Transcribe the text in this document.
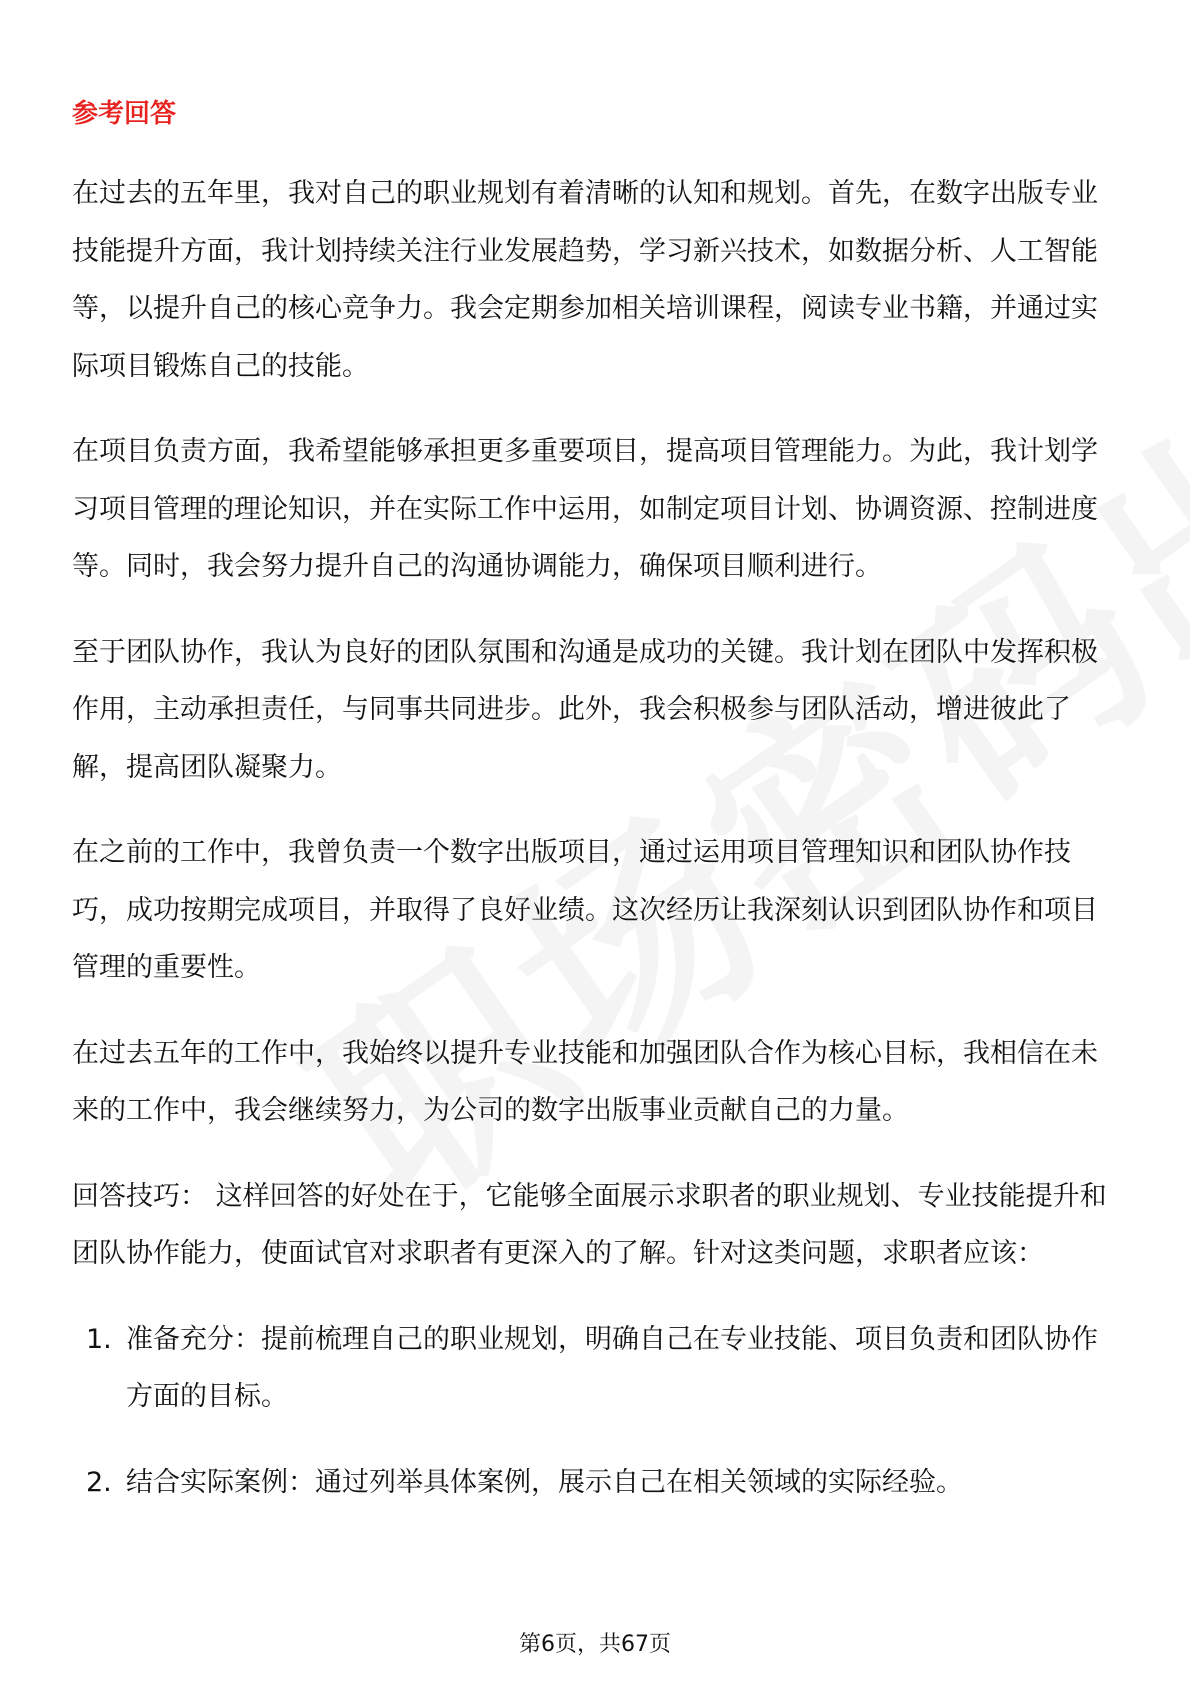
参考回答

在过去的五年里，我对自己的职业规划有着清晰的认知和规划。首先，在数字出版专业技能提升方面，我计划持续关注行业发展趋势，学习新兴技术，如数据分析、人工智能等，以提升自己的核心竞争力。我会定期参加相关培训课程，阅读专业书籍，并通过实际项目锻炼自己的技能。

在项目负责方面，我希望能够承担更多重要项目，提高项目管理能力。为此，我计划学习项目管理的理论知识，并在实际工作中运用，如制定项目计划、协调资源、控制进度等。同时，我会努力提升自己的沟通协调能力，确保项目顺利进行。

至于团队协作，我认为良好的团队氛围和沟通是成功的关键。我计划在团队中发挥积极作用，主动承担责任，与同事共同进步。此外，我会积极参与团队活动，增进彼此了解，提高团队凝聚力。

在之前的工作中，我曾负责一个数字出版项目，通过运用项目管理知识和团队协作技巧，成功按期完成项目，并取得了良好业绩。这次经历让我深刻认识到团队协作和项目管理的重要性。

在过去五年的工作中，我始终以提升专业技能和加强团队合作为核心目标，我相信在未来的工作中，我会继续努力，为公司的数字出版事业贡献自己的力量。

回答技巧： 这样回答的好处在于，它能够全面展示求职者的职业规划、专业技能提升和团队协作能力，使面试官对求职者有更深入的了解。针对这类问题，求职者应该：

1. 准备充分：提前梳理自己的职业规划，明确自己在专业技能、项目负责和团队协作方面的目标。
2. 结合实际案例：通过列举具体案例，展示自己在相关领域的实际经验。
第6页，共67页
